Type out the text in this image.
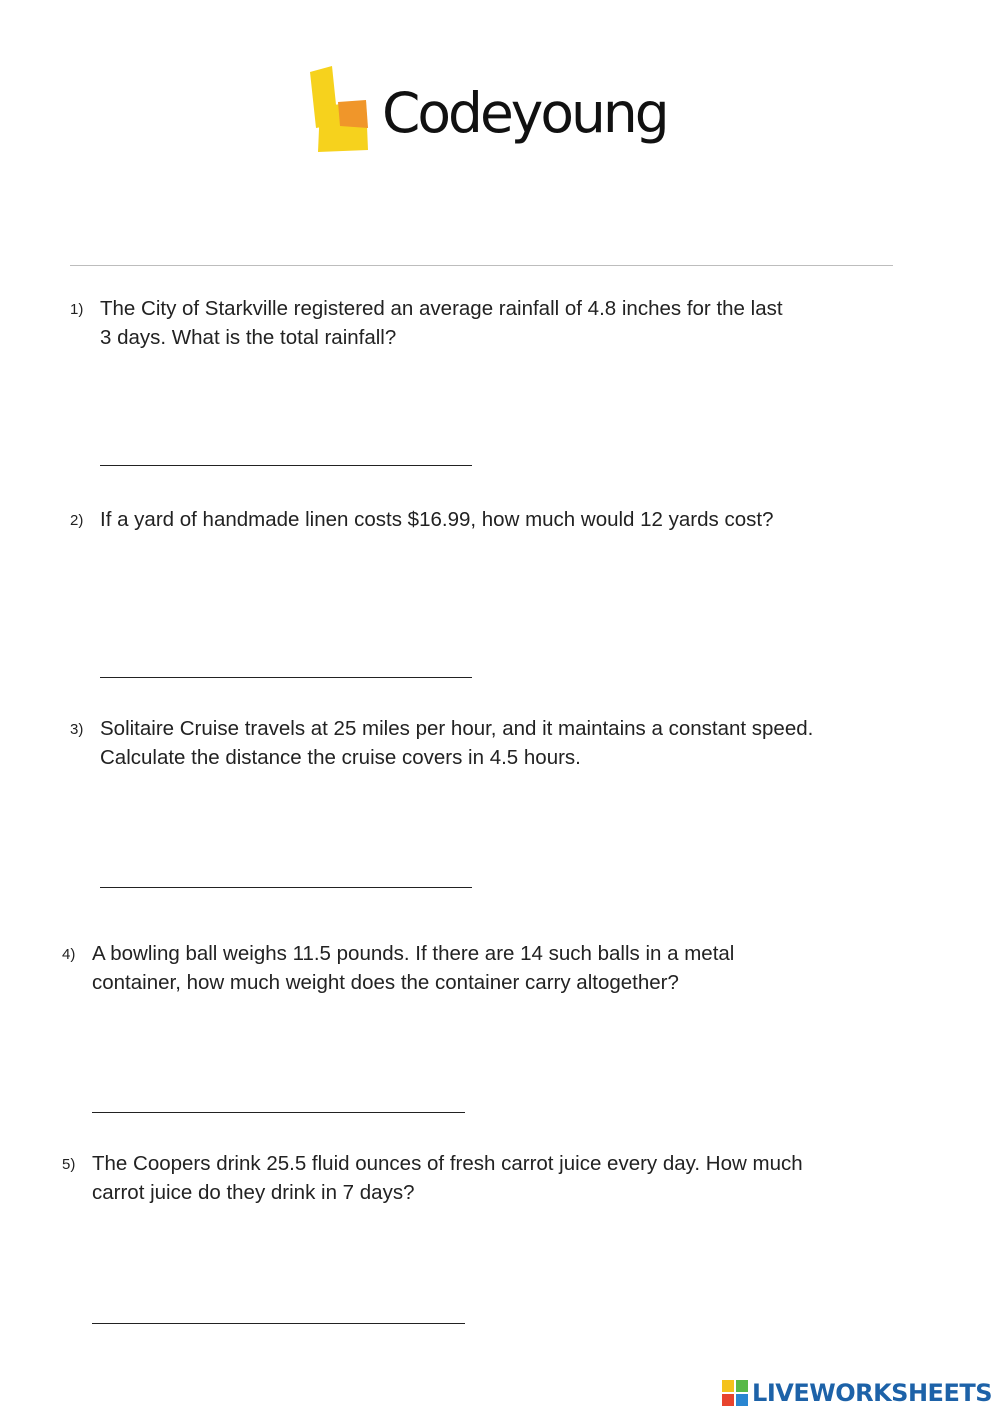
Codeyoung
1) The City of Starkville registered an average rainfall of 4.8 inches for the last
3 days. What is the total rainfall?
2) If a yard of handmade linen costs $16.99, how much would 12 yards cost?
3) Solitaire Cruise travels at 25 miles per hour, and it maintains a constant speed.
Calculate the distance the cruise covers in 4.5 hours.
4) A bowling ball weighs 11.5 pounds. If there are 14 such balls in a metal
container, how much weight does the container carry altogether?
5) The Coopers drink 25.5 fluid ounces of fresh carrot juice every day. How much
carrot juice do they drink in 7 days?
LIVEWORKSHEETS
